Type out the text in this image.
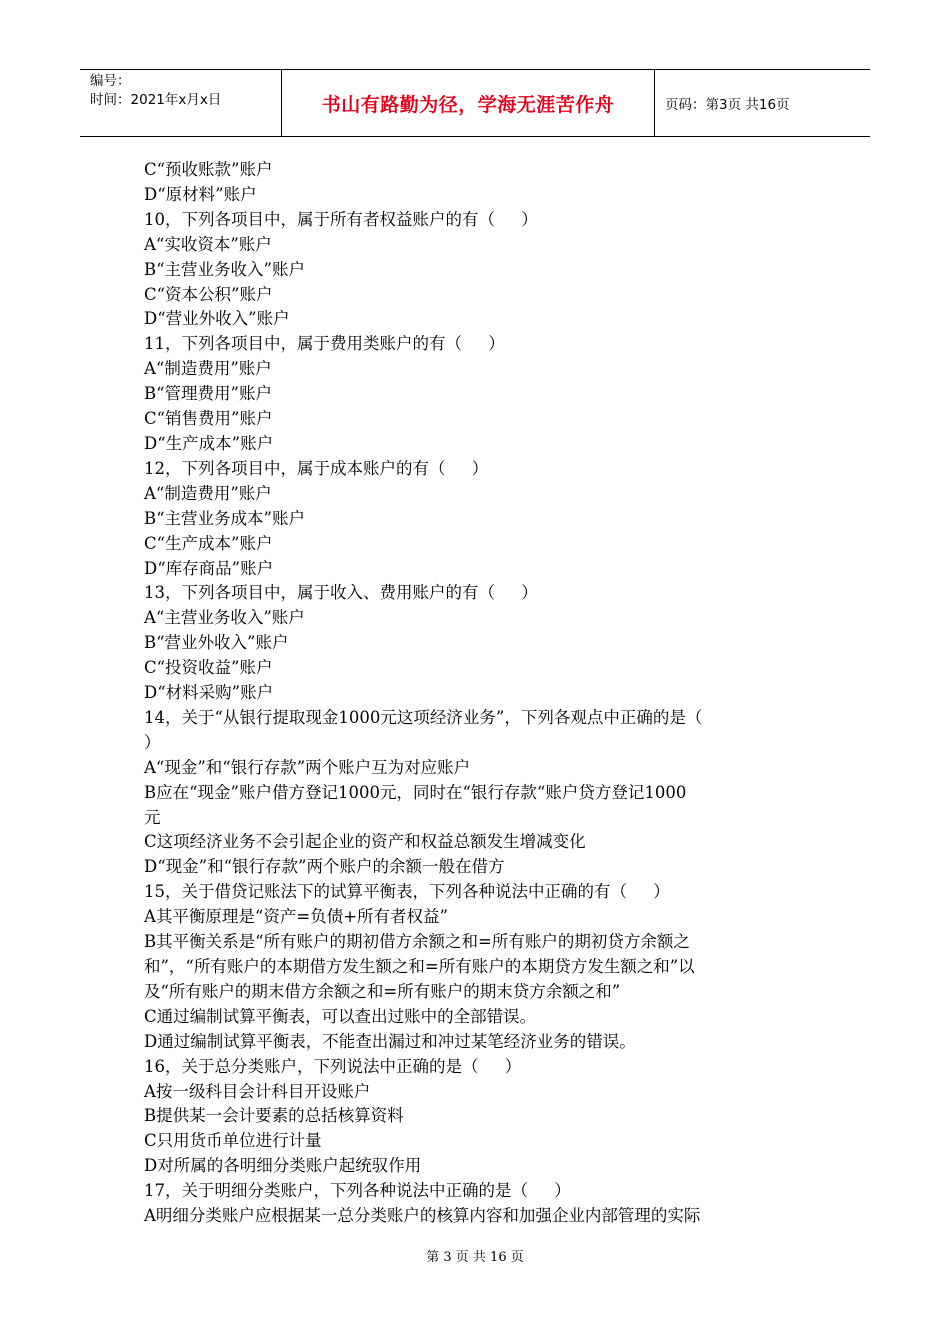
编号：
时间：2021年x月x日	书山有路勤为径，学海无涯苦作舟	页码：第3页 共16页
C“预收账款”账户
D“原材料”账户
10，下列各项目中，属于所有者权益账户的有（     ）
A“实收资本”账户
B“主营业务收入”账户
C“资本公积”账户
D“营业外收入”账户
11，下列各项目中，属于费用类账户的有（     ）
A“制造费用”账户
B“管理费用”账户
C“销售费用”账户
D“生产成本”账户
12，下列各项目中，属于成本账户的有（     ）
A“制造费用”账户
B“主营业务成本”账户
C“生产成本”账户
D“库存商品”账户
13，下列各项目中，属于收入、费用账户的有（     ）
A“主营业务收入”账户
B“营业外收入”账户
C“投资收益”账户
D“材料采购”账户
14，关于“从银行提取现金1000元这项经济业务”，下列各观点中正确的是（
）
A“现金”和“银行存款”两个账户互为对应账户
B应在“现金”账户借方登记1000元，同时在“银行存款“账户贷方登记1000
元
C这项经济业务不会引起企业的资产和权益总额发生增减变化
D“现金”和“银行存款”两个账户的余额一般在借方
15，关于借贷记账法下的试算平衡表，下列各种说法中正确的有（     ）
A其平衡原理是“资产=负债+所有者权益”
B其平衡关系是“所有账户的期初借方余额之和=所有账户的期初贷方余额之
和”，“所有账户的本期借方发生额之和=所有账户的本期贷方发生额之和”以
及“所有账户的期末借方余额之和=所有账户的期末贷方余额之和”
C通过编制试算平衡表，可以查出过账中的全部错误。
D通过编制试算平衡表，不能查出漏过和冲过某笔经济业务的错误。
16，关于总分类账户，下列说法中正确的是（     ）
A按一级科目会计科目开设账户
B提供某一会计要素的总括核算资料
C只用货币单位进行计量
D对所属的各明细分类账户起统驭作用
17，关于明细分类账户，下列各种说法中正确的是（     ）
A明细分类账户应根据某一总分类账户的核算内容和加强企业内部管理的实际
第 3 页 共 16 页
